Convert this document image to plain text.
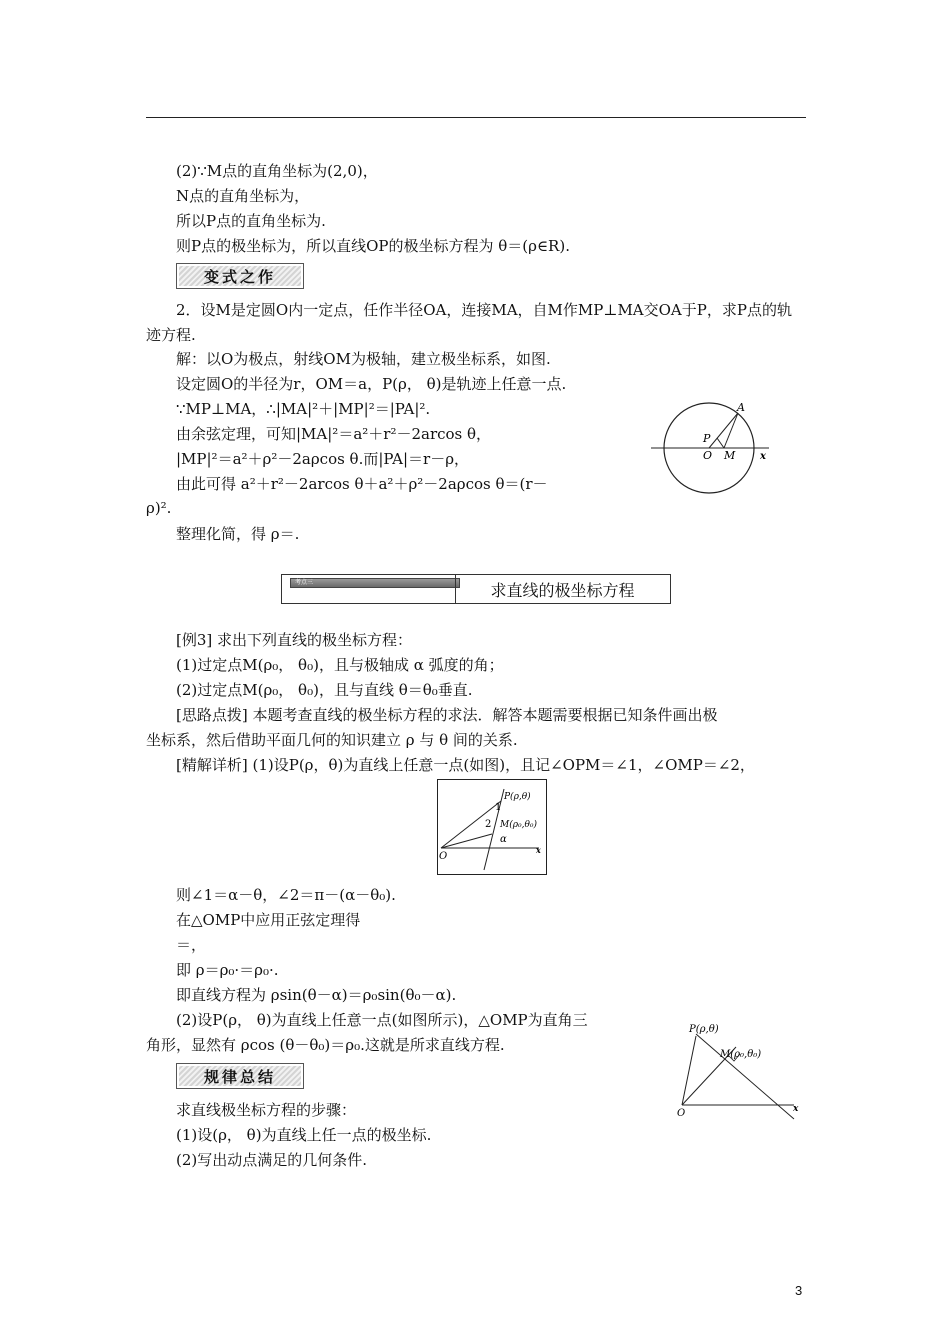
(2)∵M点的直角坐标为(2,0)，
N点的直角坐标为，
所以P点的直角坐标为.
则P点的极坐标为，所以直线OP的极坐标方程为 θ＝(ρ∈R).
变式之作
2．设M是定圆O内一定点，任作半径OA，连接MA，自M作MP⊥MA交OA于P，求P点的轨
迹方程.
解：以O为极点，射线OM为极轴，建立极坐标系，如图.
设定圆O的半径为r，OM＝a，P(ρ， θ)是轨迹上任意一点.
∵MP⊥MA，∴|MA|²＋|MP|²＝|PA|².
由余弦定理，可知|MA|²＝a²＋r²－2arcos θ，
|MP|²＝a²＋ρ²－2aρcos θ.而|PA|＝r－ρ，
由此可得 a²＋r²－2arcos θ＋a²＋ρ²－2aρcos θ＝(r－
ρ)².
整理化简，得 ρ＝.
A
P
O M x
考点三	求直线的极坐标方程
[例3] 求出下列直线的极坐标方程：
(1)过定点M(ρ₀， θ₀)，且与极轴成 α 弧度的角；
(2)过定点M(ρ₀， θ₀)，且与直线 θ＝θ₀垂直.
[思路点拨] 本题考查直线的极坐标方程的求法．解答本题需要根据已知条件画出极
坐标系，然后借助平面几何的知识建立 ρ 与 θ 间的关系.
[精解详析] (1)设P(ρ，θ)为直线上任意一点(如图)，且记∠OPM＝∠1，∠OMP＝∠2，
P(ρ,θ)
M(ρ₀,θ₀)
1
2
α
O
x
则∠1＝α－θ，∠2＝π－(α－θ₀).
在△OMP中应用正弦定理得
＝，
即 ρ＝ρ₀·＝ρ₀·.
即直线方程为 ρsin(θ－α)＝ρ₀sin(θ₀－α).
(2)设P(ρ， θ)为直线上任意一点(如图所示)，△OMP为直角三
角形，显然有 ρcos (θ－θ₀)＝ρ₀.这就是所求直线方程.
P(ρ,θ)
M(ρ₀,θ₀)
O	x
规律总结
求直线极坐标方程的步骤：
(1)设(ρ， θ)为直线上任一点的极坐标.
(2)写出动点满足的几何条件.
3
